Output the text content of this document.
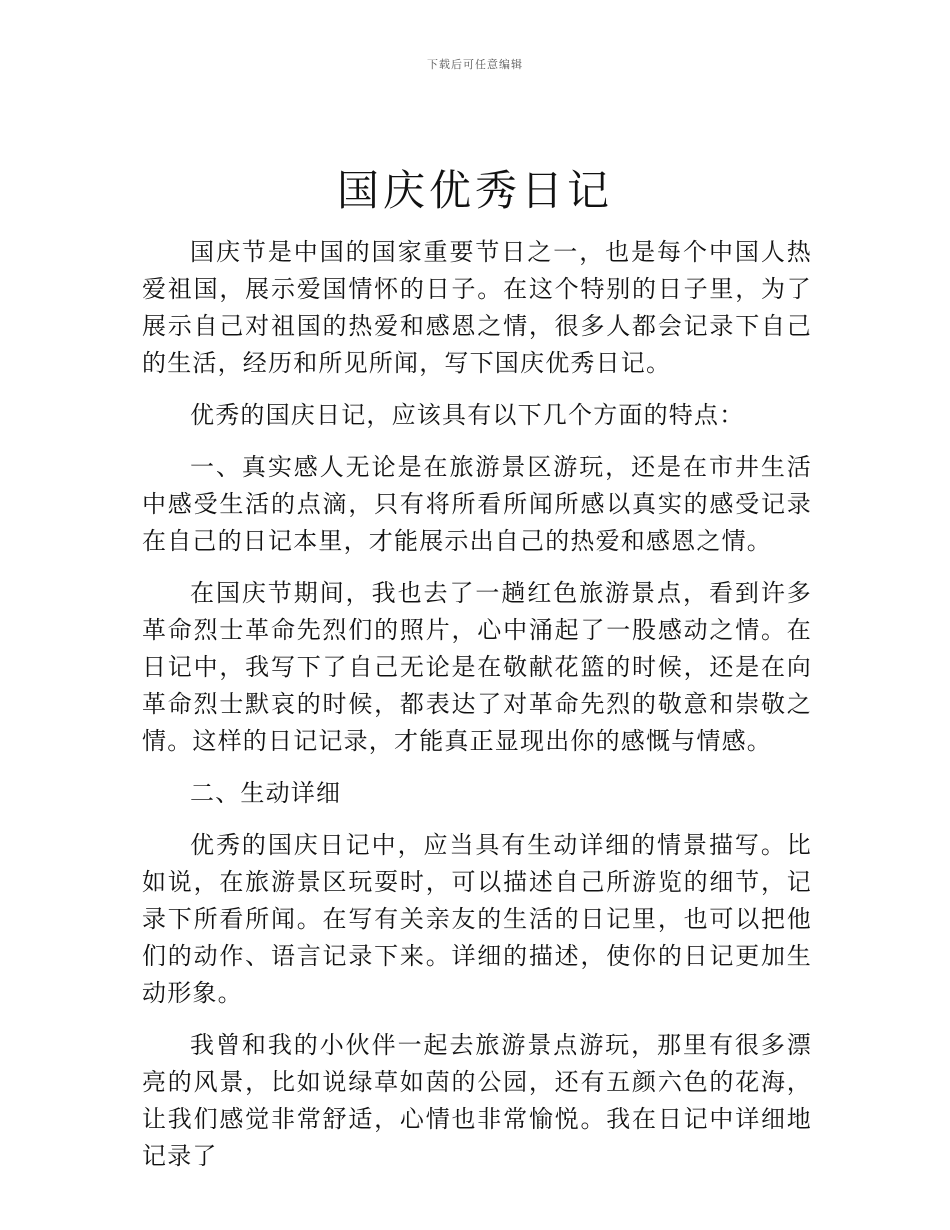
下载后可任意编辑
国庆优秀日记

国庆节是中国的国家重要节日之一，也是每个中国人热爱祖国，展示爱国情怀的日子。在这个特别的日子里，为了展示自己对祖国的热爱和感恩之情，很多人都会记录下自己的生活，经历和所见所闻，写下国庆优秀日记。

优秀的国庆日记，应该具有以下几个方面的特点：

一、真实感人无论是在旅游景区游玩，还是在市井生活中感受生活的点滴，只有将所看所闻所感以真实的感受记录在自己的日记本里，才能展示出自己的热爱和感恩之情。

在国庆节期间，我也去了一趟红色旅游景点，看到许多革命烈士革命先烈们的照片，心中涌起了一股感动之情。在日记中，我写下了自己无论是在敬献花篮的时候，还是在向革命烈士默哀的时候，都表达了对革命先烈的敬意和崇敬之情。这样的日记记录，才能真正显现出你的感慨与情感。

二、生动详细

优秀的国庆日记中，应当具有生动详细的情景描写。比如说，在旅游景区玩耍时，可以描述自己所游览的细节，记录下所看所闻。在写有关亲友的生活的日记里，也可以把他们的动作、语言记录下来。详细的描述，使你的日记更加生动形象。

我曾和我的小伙伴一起去旅游景点游玩，那里有很多漂亮的风景，比如说绿草如茵的公园，还有五颜六色的花海，让我们感觉非常舒适，心情也非常愉悦。我在日记中详细地记录了
